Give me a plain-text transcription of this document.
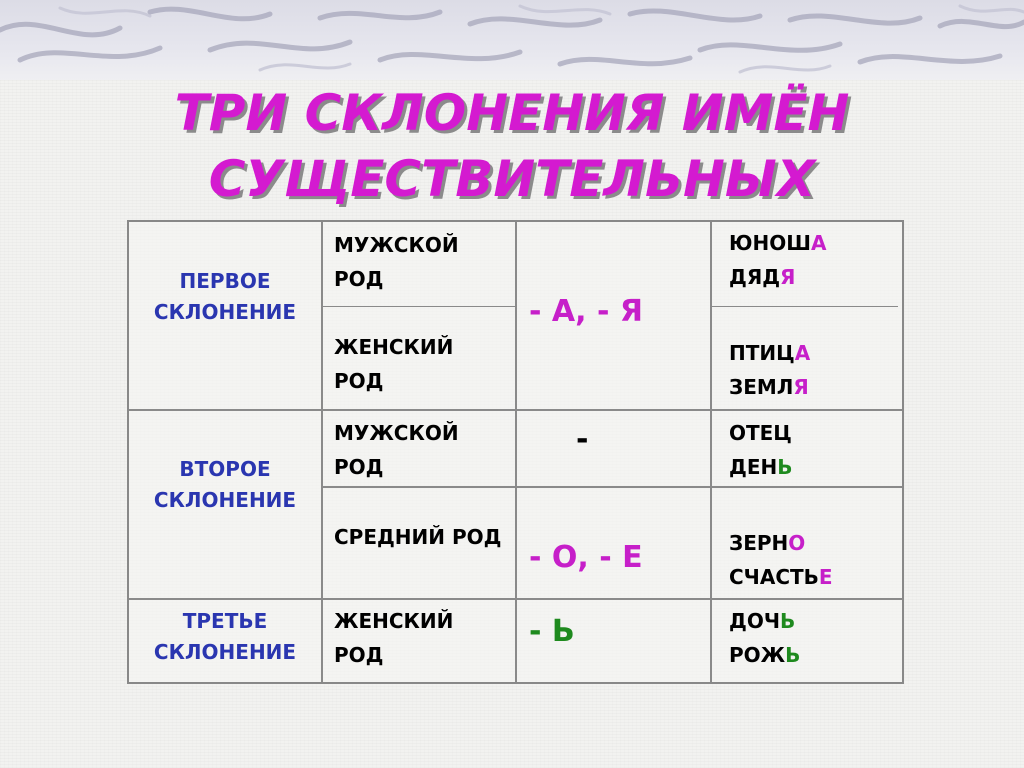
ТРИ СКЛОНЕНИЯ ИМЁН
СУЩЕСТВИТЕЛЬНЫХ
ПЕРВОЕ СКЛОНЕНИЕ
МУЖСКОЙ РОД
ЖЕНСКИЙ РОД
- А, - Я
ЮНОША
ДЯДЯ
ПТИЦА
ЗЕМЛЯ
ВТОРОЕ СКЛОНЕНИЕ
МУЖСКОЙ РОД
СРЕДНИЙ РОД
-
- О, - Е
ОТЕЦ
ДЕНЬ
ЗЕРНО
СЧАСТЬЕ
ТРЕТЬЕ СКЛОНЕНИЕ
ЖЕНСКИЙ РОД
- Ь	ДОЧЬ
РОЖЬ
